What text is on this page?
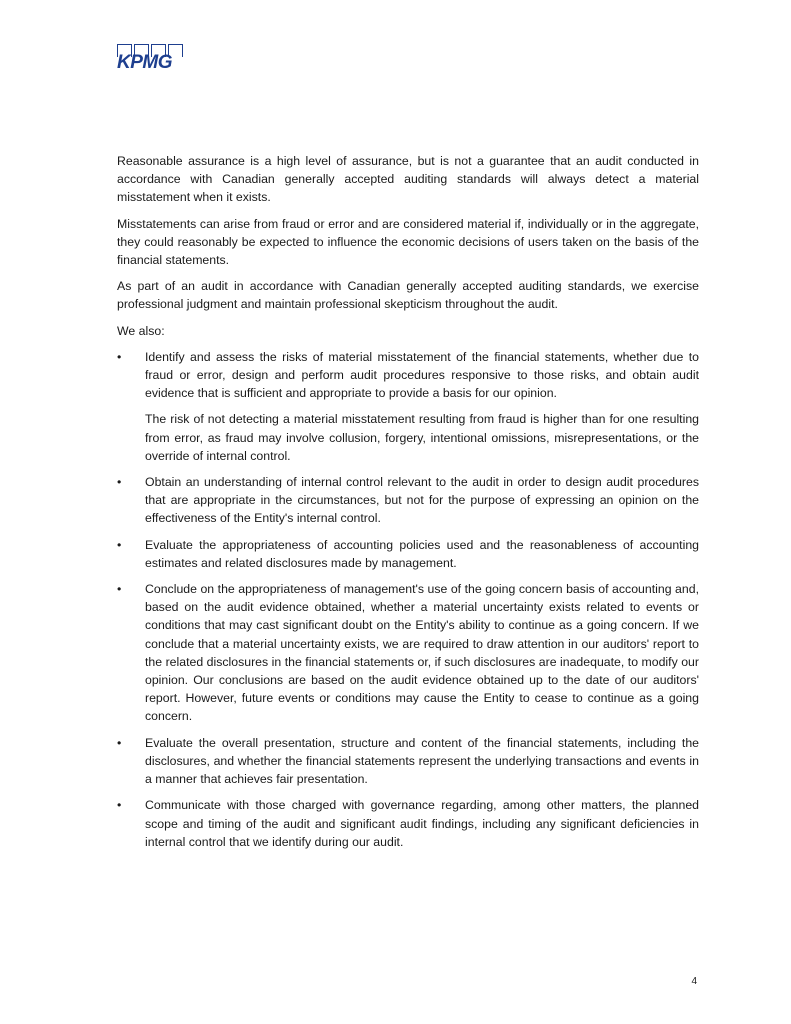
KPMG

Reasonable assurance is a high level of assurance, but is not a guarantee that an audit conducted in accordance with Canadian generally accepted auditing standards will always detect a material misstatement when it exists.

Misstatements can arise from fraud or error and are considered material if, individually or in the aggregate, they could reasonably be expected to influence the economic decisions of users taken on the basis of the financial statements.

As part of an audit in accordance with Canadian generally accepted auditing standards, we exercise professional judgment and maintain professional skepticism throughout the audit.

We also:

•	Identify and assess the risks of material misstatement of the financial statements, whether due to fraud or error, design and perform audit procedures responsive to those risks, and obtain audit evidence that is sufficient and appropriate to provide a basis for our opinion.

The risk of not detecting a material misstatement resulting from fraud is higher than for one resulting from error, as fraud may involve collusion, forgery, intentional omissions, misrepresentations, or the override of internal control.

•	Obtain an understanding of internal control relevant to the audit in order to design audit procedures that are appropriate in the circumstances, but not for the purpose of expressing an opinion on the effectiveness of the Entity's internal control.
•	Evaluate the appropriateness of accounting policies used and the reasonableness of accounting estimates and related disclosures made by management.
•	Conclude on the appropriateness of management's use of the going concern basis of accounting and, based on the audit evidence obtained, whether a material uncertainty exists related to events or conditions that may cast significant doubt on the Entity's ability to continue as a going concern. If we conclude that a material uncertainty exists, we are required to draw attention in our auditors' report to the related disclosures in the financial statements or, if such disclosures are inadequate, to modify our opinion. Our conclusions are based on the audit evidence obtained up to the date of our auditors' report. However, future events or conditions may cause the Entity to cease to continue as a going concern.
•	Evaluate the overall presentation, structure and content of the financial statements, including the disclosures, and whether the financial statements represent the underlying transactions and events in a manner that achieves fair presentation.
•	Communicate with those charged with governance regarding, among other matters, the planned scope and timing of the audit and significant audit findings, including any significant deficiencies in internal control that we identify during our audit.
4
